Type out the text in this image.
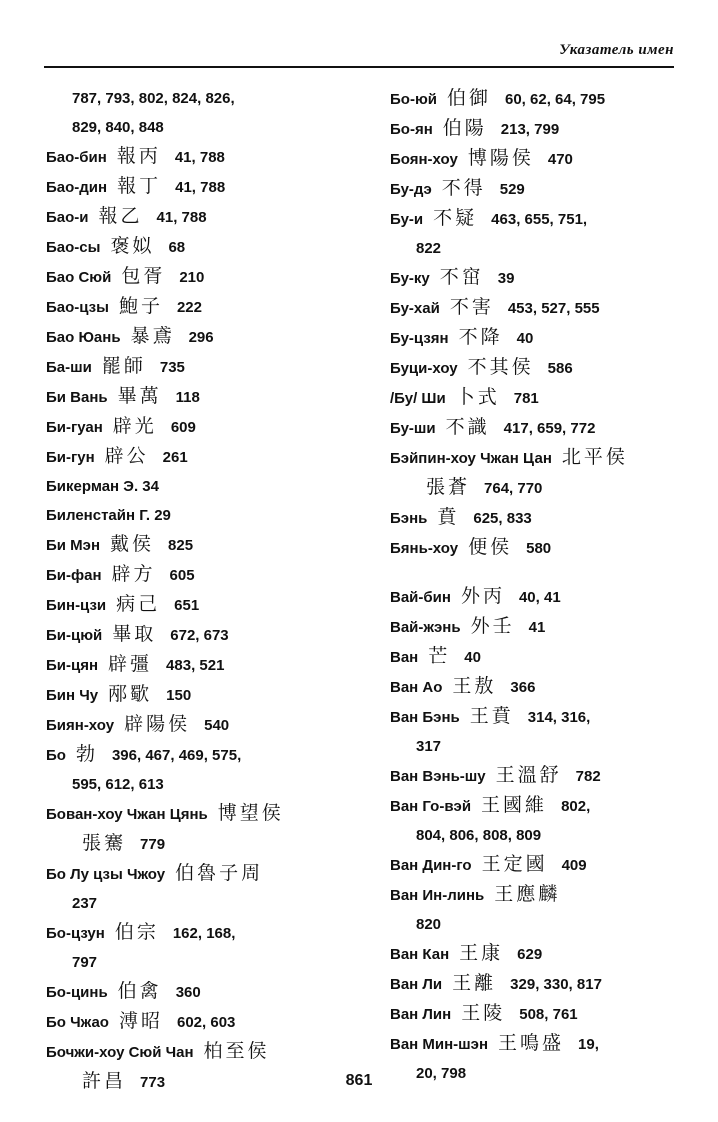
Указатель имен
787, 793, 802, 824, 826,
829, 840, 848
Бао-бин 報丙 41, 788
Бао-дин 報丁 41, 788
Бао-и 報乙 41, 788
Бао-сы 褒姒 68
Бао Сюй 包胥 210
Бао-цзы 鮑子 222
Бао Юань 暴鳶 296
Ба-ши 罷師 735
Би Вань 畢萬 118
Би-гуан 辟光 609
Би-гун 辟公 261
Бикерман Э. 34
Биленстайн Г. 29
Би Мэн 戴侯 825
Би-фан 辟方 605
Бин-цзи 病己 651
Би-цюй 畢取 672, 673
Би-цян 辟彊 483, 521
Бин Чу 邴歜 150
Биян-хоу 辟陽侯 540
Бо 勃 396, 467, 469, 575,
595, 612, 613
Бован-хоу Чжан Цянь 博望侯
張騫 779
Бо Лу цзы Чжоу 伯魯子周
237
Бо-цзун 伯宗 162, 168,
797
Бо-цинь 伯禽 360
Бо Чжао 溥昭 602, 603
Бочжи-хоу Сюй Чан 柏至侯
許昌 773
Бо-юй 伯御 60, 62, 64, 795
Бо-ян 伯陽 213, 799
Боян-хоу 博陽侯 470
Бу-дэ 不得 529
Бу-и 不疑 463, 655, 751,
822
Бу-ку 不窋 39
Бу-хай 不害 453, 527, 555
Бу-цзян 不降 40
Буци-хоу 不其侯 586
/Бу/ Ши 卜式 781
Бу-ши 不識 417, 659, 772
Бэйпин-хоу Чжан Цан 北平侯
張蒼 764, 770
Бэнь 賁 625, 833
Бянь-хоу 便侯 580
Вай-бин 外丙 40, 41
Вай-жэнь 外壬 41
Ван 芒 40
Ван Ао 王敖 366
Ван Бэнь 王賁 314, 316,
317
Ван Вэнь-шу 王溫舒 782
Ван Го-вэй 王國維 802,
804, 806, 808, 809
Ван Дин-го 王定國 409
Ван Ин-линь 王應麟
820
Ван Кан 王康 629
Ван Ли 王離 329, 330, 817
Ван Лин 王陵 508, 761
Ван Мин-шэн 王鳴盛 19,
20, 798
861
